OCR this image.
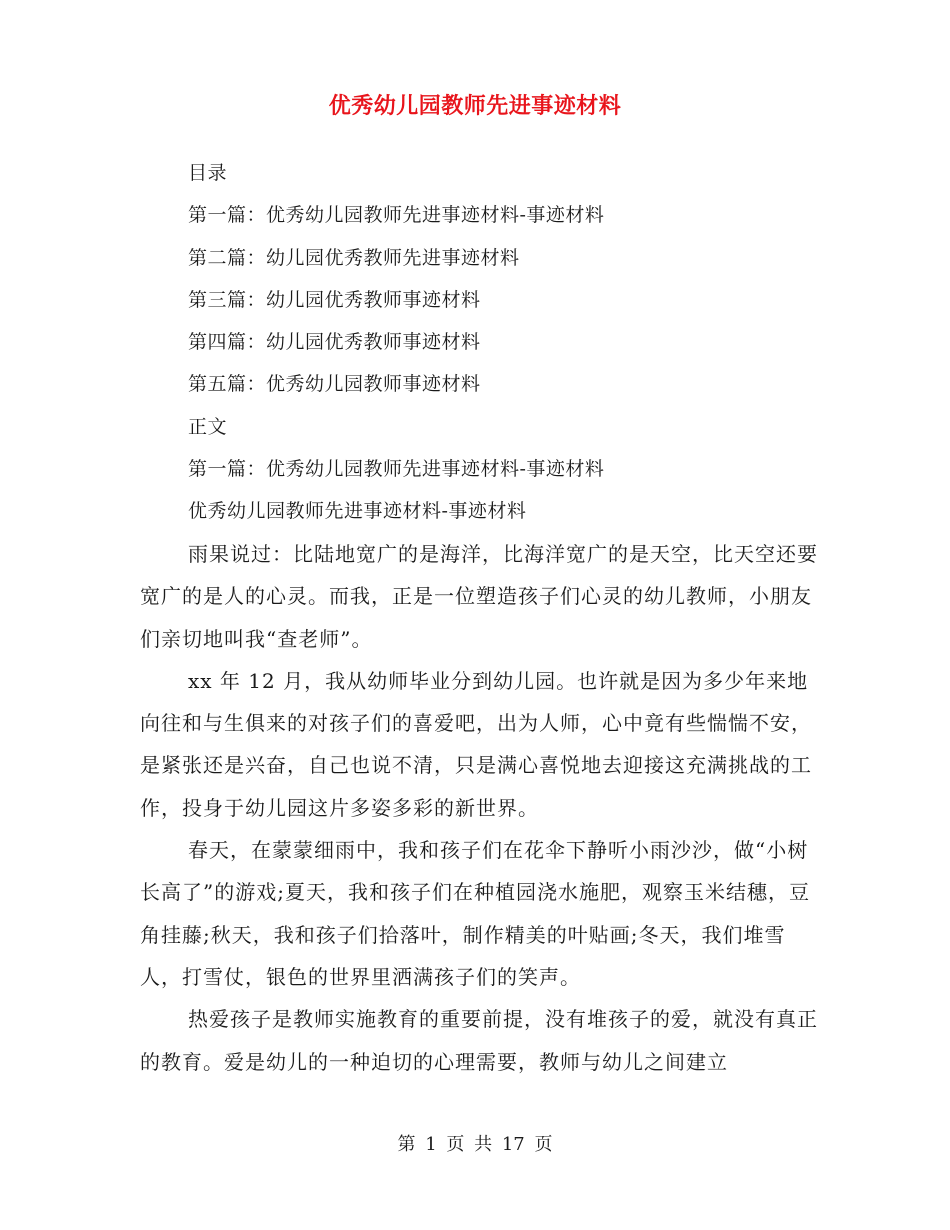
优秀幼儿园教师先进事迹材料
目录
第一篇：优秀幼儿园教师先进事迹材料-事迹材料
第二篇：幼儿园优秀教师先进事迹材料
第三篇：幼儿园优秀教师事迹材料
第四篇：幼儿园优秀教师事迹材料
第五篇：优秀幼儿园教师事迹材料
正文
第一篇：优秀幼儿园教师先进事迹材料-事迹材料
优秀幼儿园教师先进事迹材料-事迹材料

雨果说过：比陆地宽广的是海洋，比海洋宽广的是天空，比天空还要宽广的是人的心灵。而我，正是一位塑造孩子们心灵的幼儿教师，小朋友们亲切地叫我“查老师”。

xx 年 12 月，我从幼师毕业分到幼儿园。也许就是因为多少年来地向往和与生俱来的对孩子们的喜爱吧，出为人师，心中竟有些惴惴不安，是紧张还是兴奋，自己也说不清，只是满心喜悦地去迎接这充满挑战的工作，投身于幼儿园这片多姿多彩的新世界。

春天，在蒙蒙细雨中，我和孩子们在花伞下静听小雨沙沙，做“小树长高了”的游戏;夏天，我和孩子们在种植园浇水施肥，观察玉米结穗，豆角挂藤;秋天，我和孩子们拾落叶，制作精美的叶贴画;冬天，我们堆雪人，打雪仗，银色的世界里洒满孩子们的笑声。

热爱孩子是教师实施教育的重要前提，没有堆孩子的爱，就没有真正的教育。爱是幼儿的一种迫切的心理需要，教师与幼儿之间建立

第 1 页 共 17 页
